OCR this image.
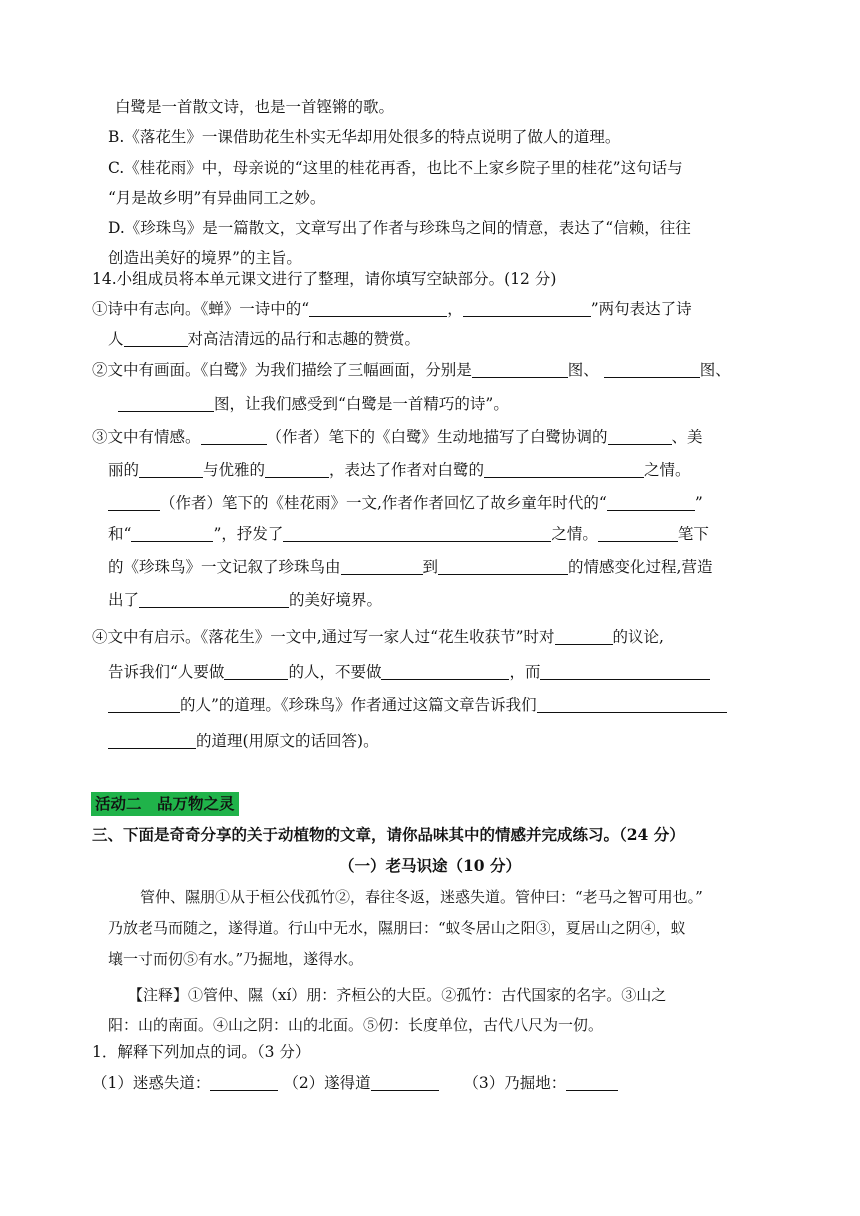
白鹭是一首散文诗，也是一首铿锵的歌。
B.《落花生》一课借助花生朴实无华却用处很多的特点说明了做人的道理。
C.《桂花雨》中，母亲说的“这里的桂花再香，也比不上家乡院子里的桂花”这句话与
“月是故乡明”有异曲同工之妙。
D.《珍珠鸟》是一篇散文，文章写出了作者与珍珠鸟之间的情意，表达了“信赖，往往
创造出美好的境界”的主旨。
14.小组成员将本单元课文进行了整理，请你填写空缺部分。(12 分)
①诗中有志向。《蝉》一诗中的“	，	”两句表达了诗
人	对高洁清远的品行和志趣的赞赏。
②文中有画面。《白鹭》为我们描绘了三幅画面，分别是	图、	图、
图，让我们感受到“白鹭是一首精巧的诗”。
③文中有情感。	（作者）笔下的《白鹭》生动地描写了白鹭协调的	、美
丽的	与优雅的	，表达了作者对白鹭的	之情。
（作者）笔下的《桂花雨》一文,作者作者回忆了故乡童年时代的“	”
和“	”，抒发了	之情。	笔下
的《珍珠鸟》一文记叙了珍珠鸟由	到	的情感变化过程,营造
出了	的美好境界。
④文中有启示。《落花生》一文中,通过写一家人过“花生收获节”时对	的议论,
告诉我们“人要做	的人，不要做	，而
的人”的道理。《珍珠鸟》作者通过这篇文章告诉我们
的道理(用原文的话回答)。
活动二　品万物之灵
三、下面是奇奇分享的关于动植物的文章，请你品味其中的情感并完成练习。（24 分）
（一）老马识途（10 分）
管仲、隰朋①从于桓公伐孤竹②，春往冬返，迷惑失道。管仲曰：“老马之智可用也。”
乃放老马而随之，遂得道。行山中无水，隰朋曰：“蚁冬居山之阳③，夏居山之阴④，蚁
壤一寸而仞⑤有水。”乃掘地，遂得水。
【注释】①管仲、隰（xí）朋：齐桓公的大臣。②孤竹：古代国家的名字。③山之
阳：山的南面。④山之阴：山的北面。⑤仞：长度单位，古代八尺为一仞。
1．解释下列加点的词。（3 分）
（1）迷惑失道：	（2）遂得道	（3）乃掘地：
